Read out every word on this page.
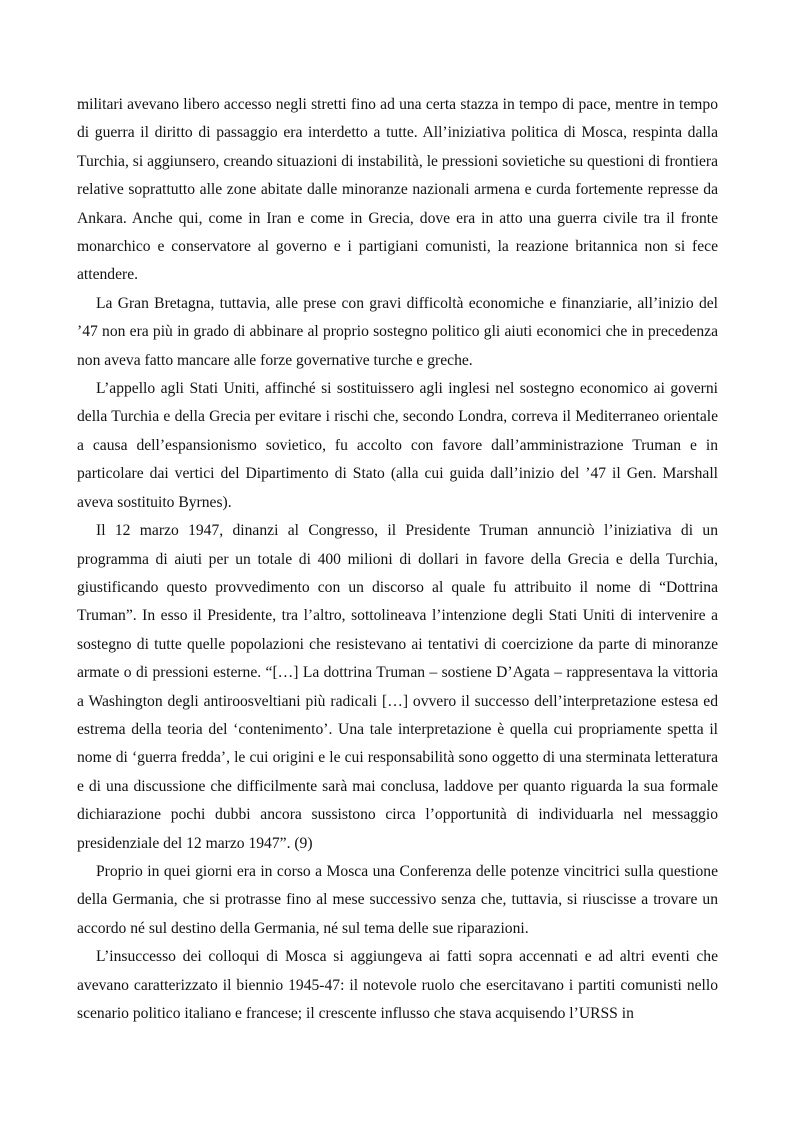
militari avevano libero accesso negli stretti fino ad una certa stazza in tempo di pace, mentre in tempo di guerra il diritto di passaggio era interdetto a tutte. All’iniziativa politica di Mosca, respinta dalla Turchia, si aggiunsero, creando situazioni di instabilità, le pressioni sovietiche su questioni di frontiera relative soprattutto alle zone abitate dalle minoranze nazionali armena e curda fortemente represse da Ankara. Anche qui, come in Iran e come in Grecia, dove era in atto una guerra civile tra il fronte monarchico e conservatore al governo e i partigiani comunisti, la reazione britannica non si fece attendere.

La Gran Bretagna, tuttavia, alle prese con gravi difficoltà economiche e finanziarie, all’inizio del ’47 non era più in grado di abbinare al proprio sostegno politico gli aiuti economici che in precedenza non aveva fatto mancare alle forze governative turche e greche.

L’appello agli Stati Uniti, affinché si sostituissero agli inglesi nel sostegno economico ai governi della Turchia e della Grecia per evitare i rischi che, secondo Londra, correva il Mediterraneo orientale a causa dell’espansionismo sovietico, fu accolto con favore dall’amministrazione Truman e in particolare dai vertici del Dipartimento di Stato (alla cui guida dall’inizio del ’47 il Gen. Marshall aveva sostituito Byrnes).

Il 12 marzo 1947, dinanzi al Congresso, il Presidente Truman annunciò l’iniziativa di un programma di aiuti per un totale di 400 milioni di dollari in favore della Grecia e della Turchia, giustificando questo provvedimento con un discorso al quale fu attribuito il nome di “Dottrina Truman”. In esso il Presidente, tra l’altro, sottolineava l’intenzione degli Stati Uniti di intervenire a sostegno di tutte quelle popolazioni che resistevano ai tentativi di coercizione da parte di minoranze armate o di pressioni esterne. “[…] La dottrina Truman – sostiene D’Agata – rappresentava la vittoria a Washington degli antiroosveltiani più radicali […] ovvero il successo dell’interpretazione estesa ed estrema della teoria del ‘contenimento’. Una tale interpretazione è quella cui propriamente spetta il nome di ‘guerra fredda’, le cui origini e le cui responsabilità sono oggetto di una sterminata letteratura e di una discussione che difficilmente sarà mai conclusa, laddove per quanto riguarda la sua formale dichiarazione pochi dubbi ancora sussistono circa l’opportunità di individuarla nel messaggio presidenziale del 12 marzo 1947”. (9)

Proprio in quei giorni era in corso a Mosca una Conferenza delle potenze vincitrici sulla questione della Germania, che si protrasse fino al mese successivo senza che, tuttavia, si riuscisse a trovare un accordo né sul destino della Germania, né sul tema delle sue riparazioni.

L’insuccesso dei colloqui di Mosca si aggiungeva ai fatti sopra accennati e ad altri eventi che avevano caratterizzato il biennio 1945-47: il notevole ruolo che esercitavano i partiti comunisti nello scenario politico italiano e francese; il crescente influsso che stava acquisendo l’URSS in
